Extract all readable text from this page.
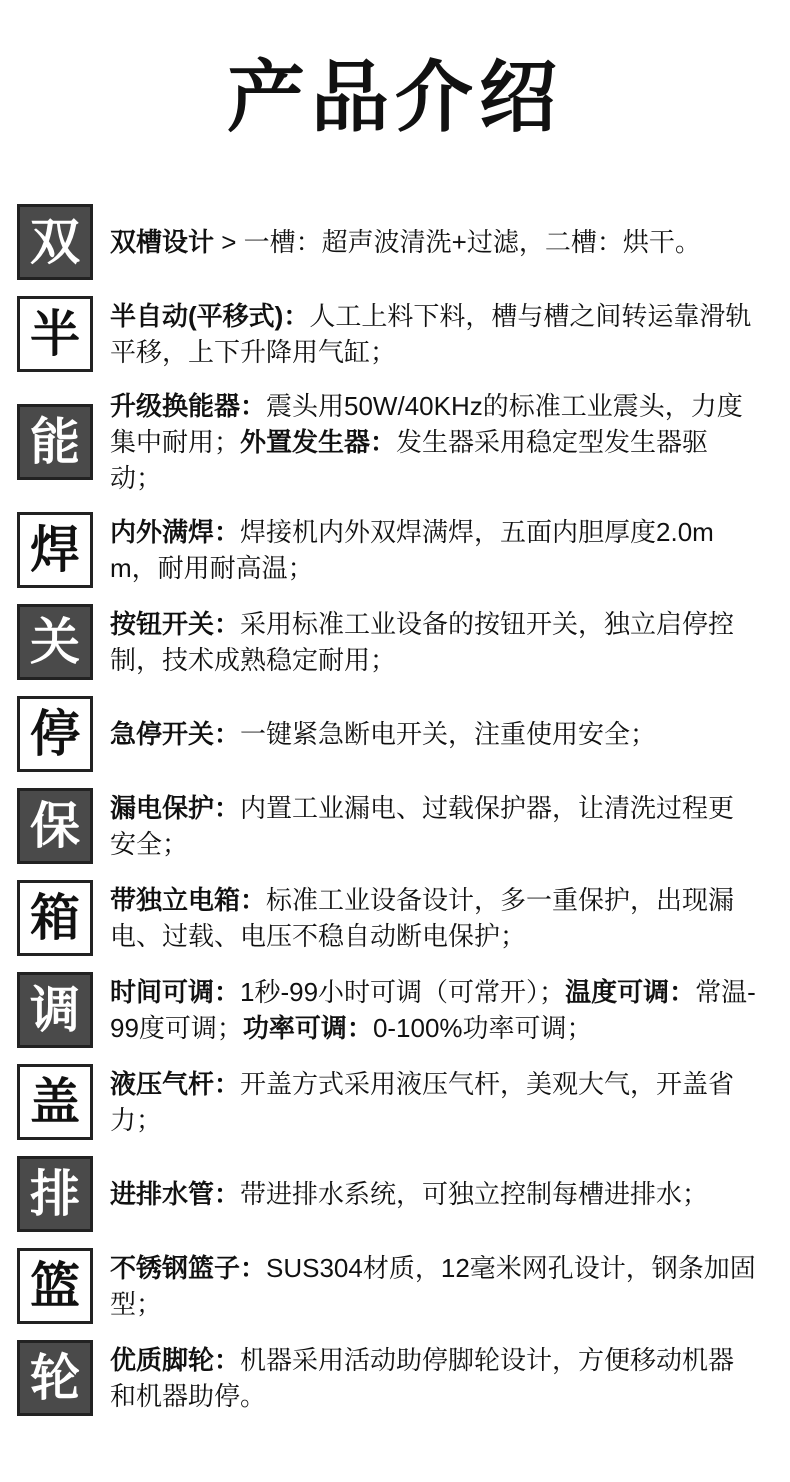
产品介绍
双 双槽设计 > 一槽：超声波清洗+过滤，二槽：烘干。
半 半自动(平移式)：人工上料下料，槽与槽之间转运靠滑轨平移，上下升降用气缸；
能
升级换能器：震头用50W/40KHz的标准工业震头，力度集中耐用；外置发生器：发生器采用稳定型发生器驱动；
焊 内外满焊：焊接机内外双焊满焊，五面内胆厚度2.0mm，耐用耐高温；
关 按钮开关：采用标准工业设备的按钮开关，独立启停控制，技术成熟稳定耐用；
停 急停开关：一键紧急断电开关，注重使用安全；
保 漏电保护：内置工业漏电、过载保护器，让清洗过程更安全；
箱 带独立电箱：标准工业设备设计，多一重保护，出现漏电、过载、电压不稳自动断电保护；
调 时间可调：1秒-99小时可调（可常开）；温度可调：常温-99度可调；功率可调：0-100%功率可调；
盖 液压气杆：开盖方式采用液压气杆，美观大气，开盖省力；
排 进排水管：带进排水系统，可独立控制每槽进排水；
篮 不锈钢篮子：SUS304材质，12毫米网孔设计，钢条加固型；
轮 优质脚轮：机器采用活动助停脚轮设计，方便移动机器和机器助停。
